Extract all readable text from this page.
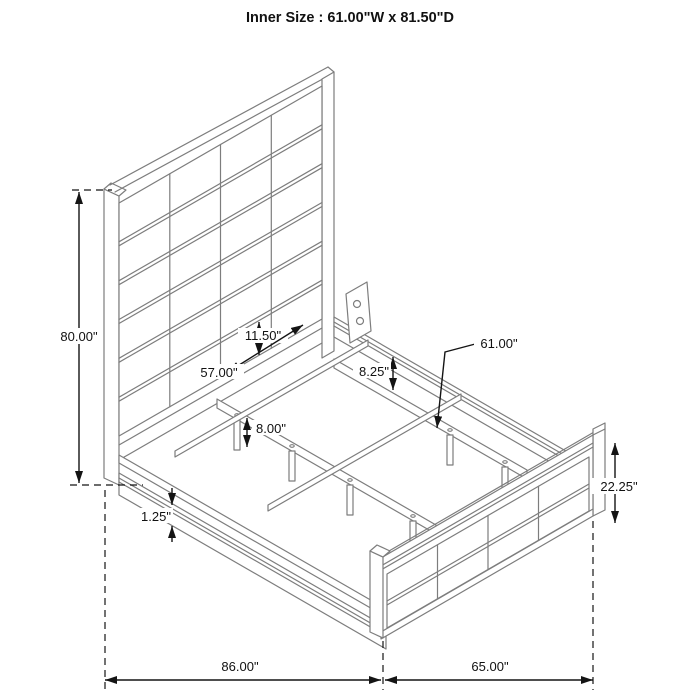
80.00"	11.50"
57.00"	8.25"
61.00"
8.00"
1.25"
22.25"
86.00"	65.00"
Inner Size : 61.00"W x 81.50"D
